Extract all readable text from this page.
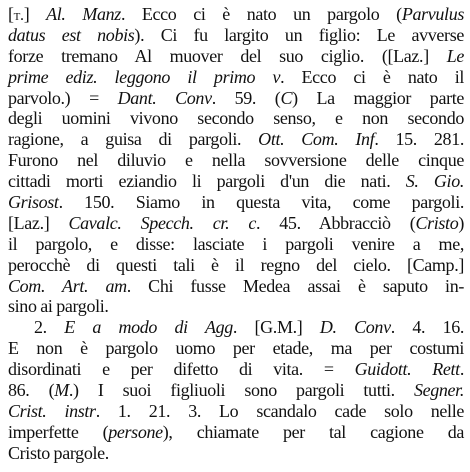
[t.] Al. Manz. Ecco ci è nato un pargolo (Parvulus
datus est nobis). Ci fu largito un figlio: Le avverse
forze tremano Al muover del suo ciglio. ([Laz.] Le
prime ediz. leggono il primo v. Ecco ci è nato il
parvolo.) = Dant. Conv. 59. (C) La maggior parte
degli uomini vivono secondo senso, e non secondo
ragione, a guisa di pargoli. Ott. Com. Inf. 15. 281.
Furono nel diluvio e nella sovversione delle cinque
cittadi morti eziandio li pargoli d'un die nati. S. Gio.
Grisost. 150. Siamo in questa vita, come pargoli.
[Laz.] Cavalc. Specch. cr. c. 45. Abbracciò (Cristo)
il pargolo, e disse: lasciate i pargoli venire a me,
perocchè di questi tali è il regno del cielo. [Camp.]
Com. Art. am. Chi fusse Medea assai è saputo in-
sino ai pargoli.
2. E a modo di Agg. [G.M.] D. Conv. 4. 16.
E non è pargolo uomo per etade, ma per costumi
disordinati e per difetto di vita. = Guidott. Rett.
86. (M.) I suoi figliuoli sono pargoli tutti. Segner.
Crist. instr. 1. 21. 3. Lo scandalo cade solo nelle
imperfette (persone), chiamate per tal cagione da
Cristo pargole.
